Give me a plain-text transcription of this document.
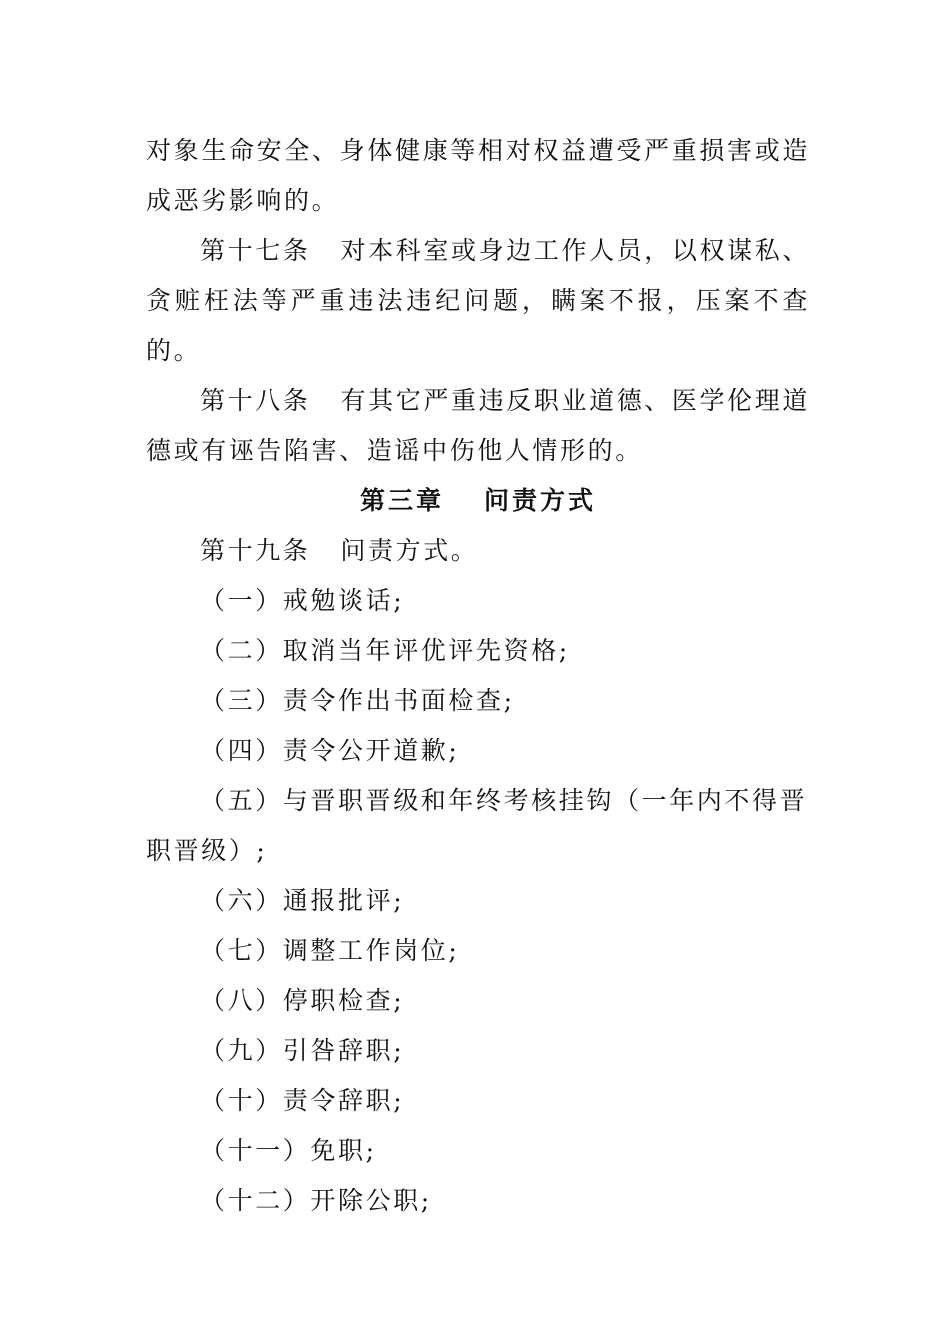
对象生命安全、身体健康等相对权益遭受严重损害或造成恶劣影响的。

第十七条 对本科室或身边工作人员，以权谋私、贪赃枉法等严重违法违纪问题，瞒案不报，压案不查的。

第十八条 有其它严重违反职业道德、医学伦理道德或有诬告陷害、造谣中伤他人情形的。

第三章 问责方式

第十九条 问责方式。

（一）戒勉谈话;

（二）取消当年评优评先资格;

（三）责令作出书面检查;

（四）责令公开道歉;

（五）与晋职晋级和年终考核挂钩（一年内不得晋职晋级）;

（六）通报批评;

（七）调整工作岗位;

（八）停职检查;

（九）引咎辞职;

（十）责令辞职;

（十一）免职;

（十二）开除公职;
